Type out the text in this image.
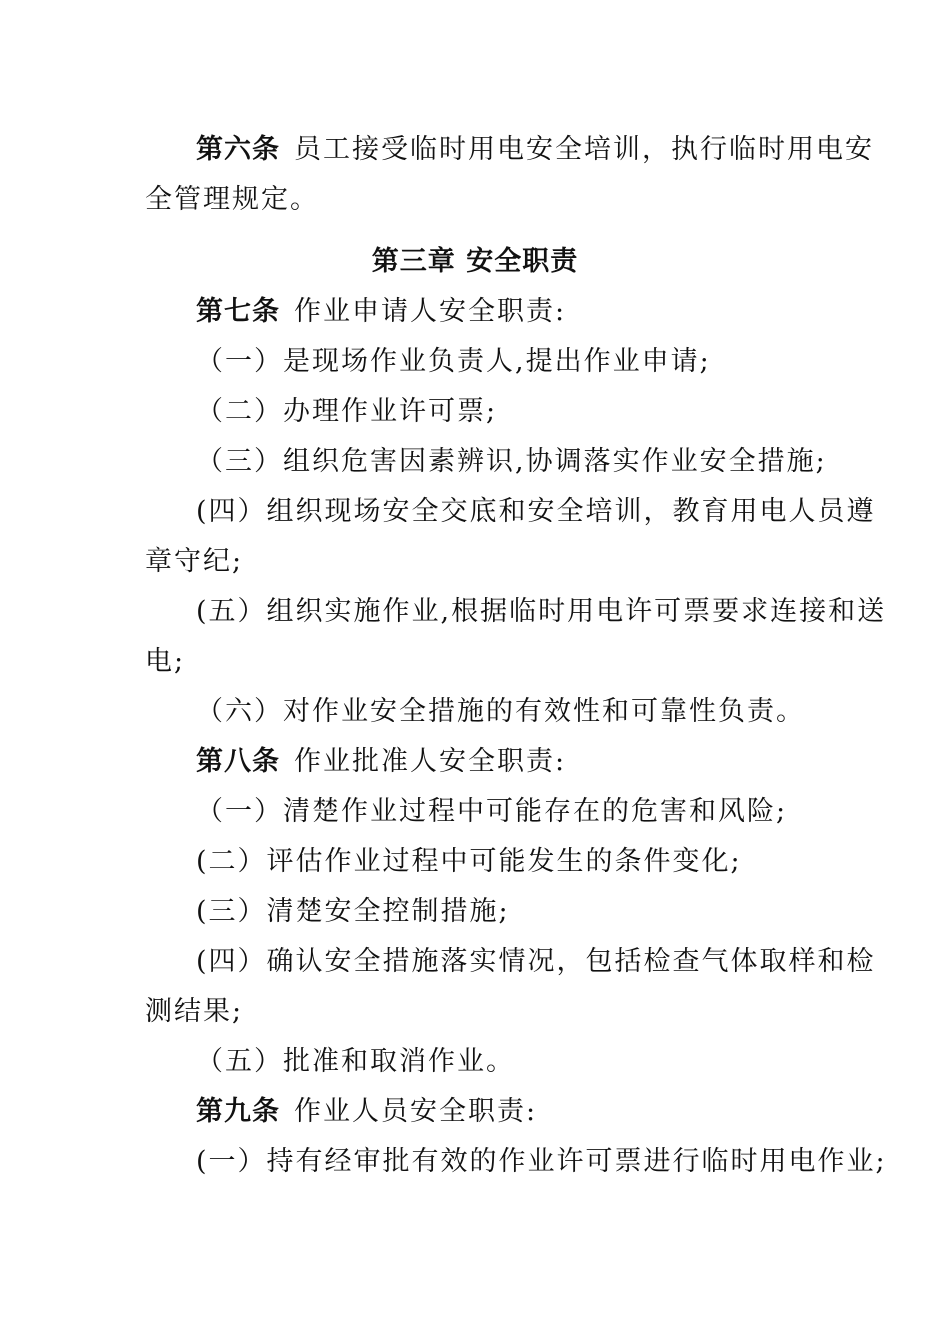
第六条 员工接受临时用电安全培训，执行临时用电安
全管理规定。
第三章 安全职责
第七条 作业申请人安全职责:
（一）是现场作业负责人,提出作业申请;
（二）办理作业许可票;
（三）组织危害因素辨识,协调落实作业安全措施;
(四）组织现场安全交底和安全培训，教育用电人员遵
章守纪;
(五）组织实施作业,根据临时用电许可票要求连接和送
电;
（六）对作业安全措施的有效性和可靠性负责。
第八条 作业批准人安全职责:
（一）清楚作业过程中可能存在的危害和风险;
(二）评估作业过程中可能发生的条件变化;
(三）清楚安全控制措施;
(四）确认安全措施落实情况，包括检查气体取样和检
测结果;
（五）批准和取消作业。
第九条 作业人员安全职责:
(一）持有经审批有效的作业许可票进行临时用电作业;
